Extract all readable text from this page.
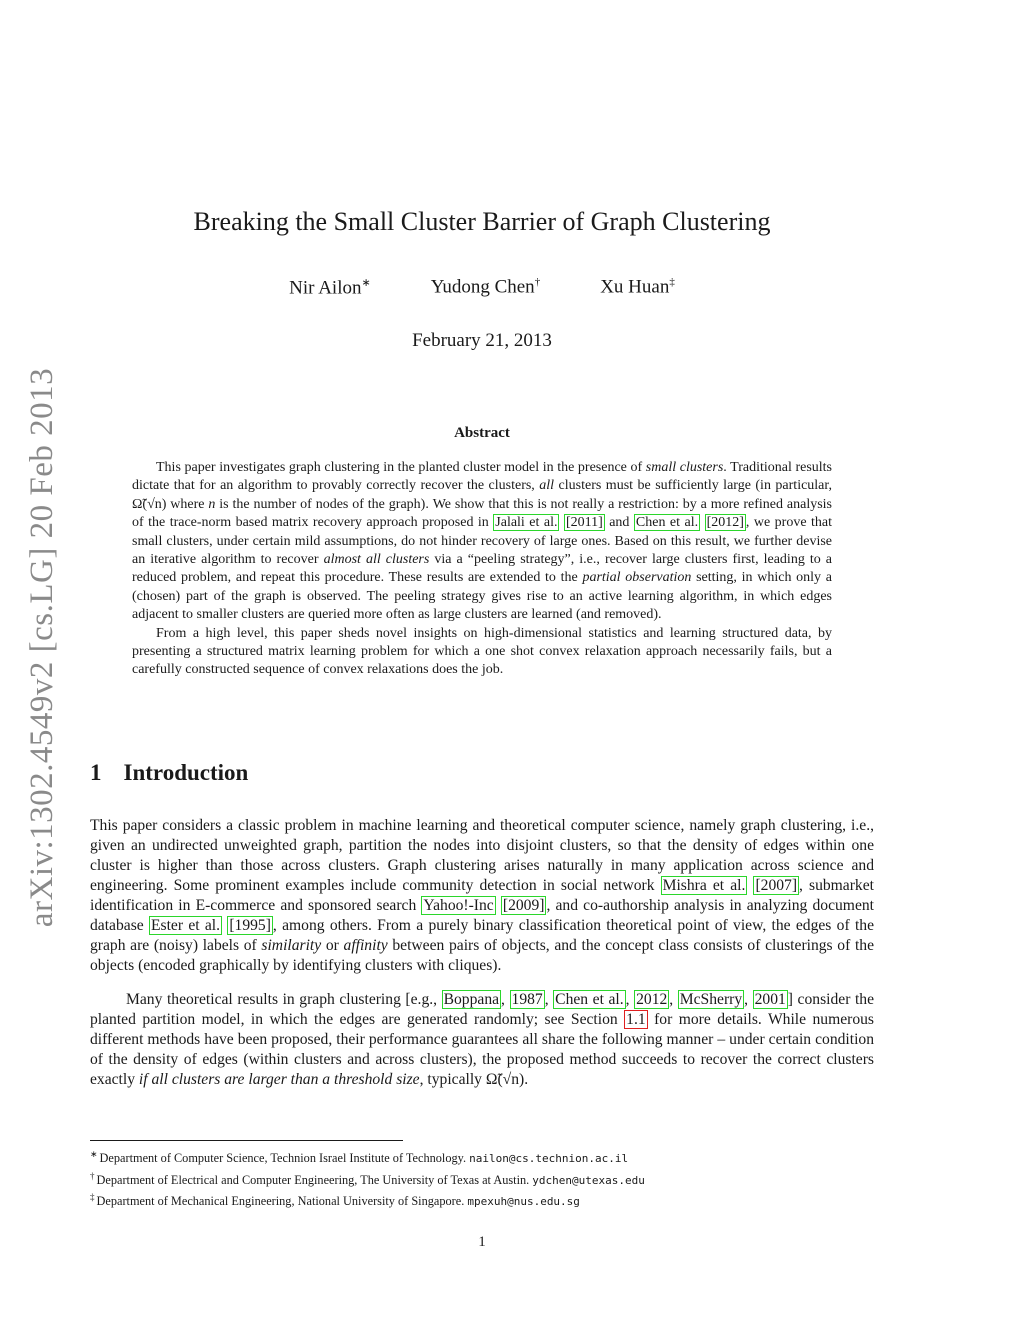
arXiv:1302.4549v2 [cs.LG] 20 Feb 2013
Breaking the Small Cluster Barrier of Graph Clustering
Nir Ailon∗	Yudong Chen†	Xu Huan‡
February 21, 2013
Abstract

This paper investigates graph clustering in the planted cluster model in the presence of small clusters. Traditional results dictate that for an algorithm to provably correctly recover the clusters, all clusters must be sufficiently large (in particular, Ω̃(√n) where n is the number of nodes of the graph). We show that this is not really a restriction: by a more refined analysis of the trace-norm based matrix recovery approach proposed in Jalali et al. [2011] and Chen et al. [2012] , we prove that small clusters, under certain mild assumptions, do not hinder recovery of large ones. Based on this result, we further devise an iterative algorithm to recover almost all clusters via a “peeling strategy”, i.e., recover large clusters first, leading to a reduced problem, and repeat this procedure. These results are extended to the partial observation setting, in which only a (chosen) part of the graph is observed. The peeling strategy gives rise to an active learning algorithm, in which edges adjacent to smaller clusters are queried more often as large clusters are learned (and removed).

From a high level, this paper sheds novel insights on high-dimensional statistics and learning structured data, by presenting a structured matrix learning problem for which a one shot convex relaxation approach necessarily fails, but a carefully constructed sequence of convex relaxations does the job.

1 Introduction

This paper considers a classic problem in machine learning and theoretical computer science, namely graph clustering, i.e., given an undirected unweighted graph, partition the nodes into disjoint clusters, so that the density of edges within one cluster is higher than those across clusters. Graph clustering arises naturally in many application across science and engineering. Some prominent examples include community detection in social network Mishra et al. [2007] , submarket identification in E-commerce and sponsored search Yahoo!-Inc [2009] , and co-authorship analysis in analyzing document database Ester et al. [1995] , among others. From a purely binary classification theoretical point of view, the edges of the graph are (noisy) labels of similarity or affinity between pairs of objects, and the concept class consists of clusterings of the objects (encoded graphically by identifying clusters with cliques).

Many theoretical results in graph clustering [e.g., Boppana , 1987 , Chen et al. , 2012 , McSherry , 2001 ] consider the planted partition model, in which the edges are generated randomly; see Section 1.1 for more details. While numerous different methods have been proposed, their performance guarantees all share the following manner – under certain condition of the density of edges (within clusters and across clusters), the proposed method succeeds to recover the correct clusters exactly if all clusters are larger than a threshold size, typically Ω̃(√n).

∗ Department of Computer Science, Technion Israel Institute of Technology. nailon@cs.technion.ac.il
† Department of Electrical and Computer Engineering, The University of Texas at Austin. ydchen@utexas.edu
‡ Department of Mechanical Engineering, National University of Singapore. mpexuh@nus.edu.sg
1
